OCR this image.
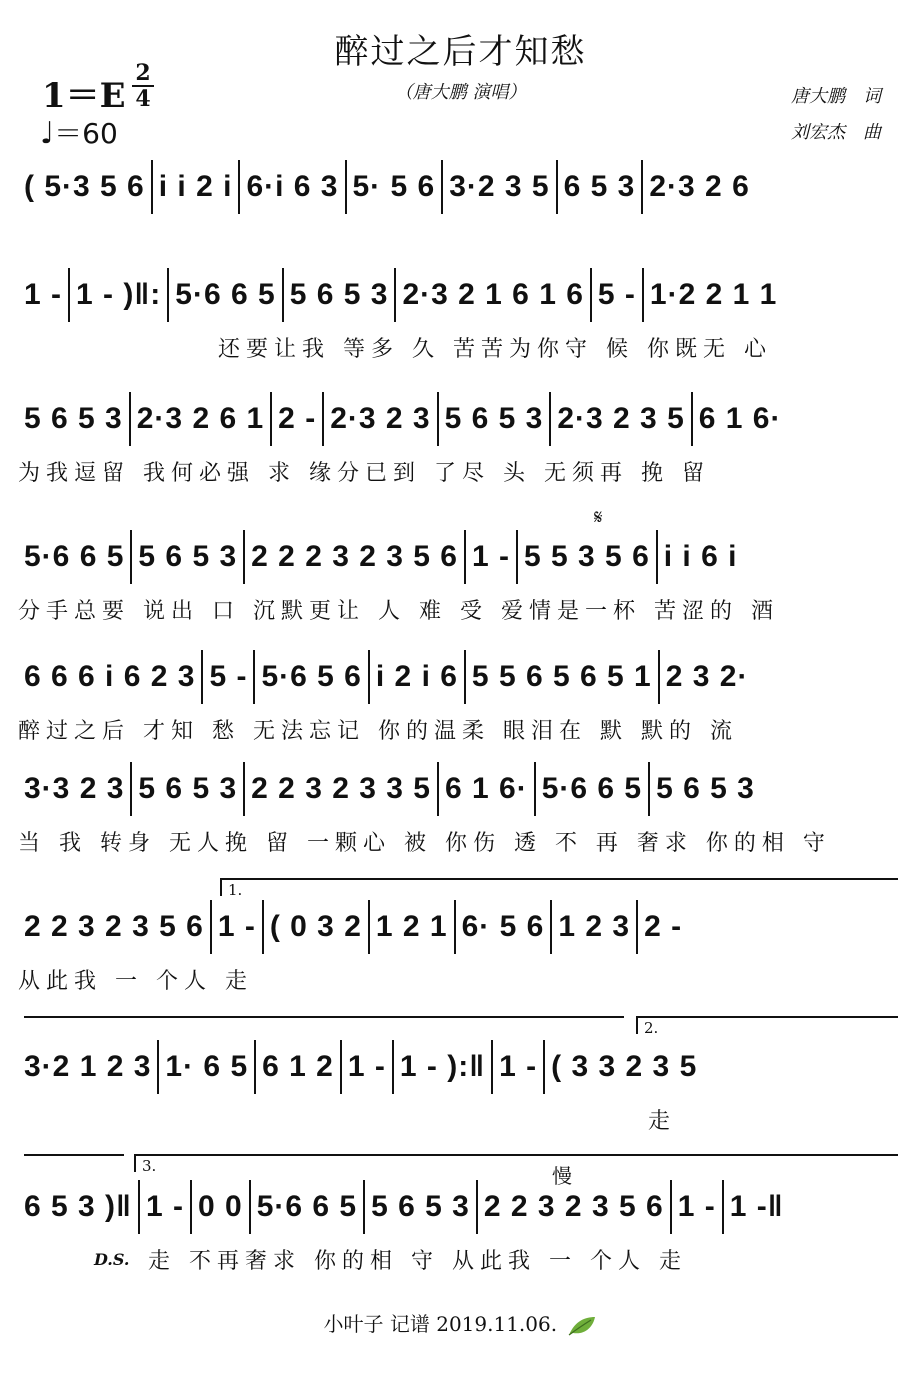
醉过之后才知愁
（唐大鹏 演唱）
1＝E
2
4
♩＝60
唐大鹏　词
刘宏杰　曲
( 5·3 5 6 i i 2 i 6·i 6 3 5· 5 6 3·2 3 5 6 5 3 2·3 2 6
1 - 1 - )‖: 5·6 6 5 5 6 5 3 2·3 2 1 6 1 6 5 - 1·2 2 1 1
还要让我 等多 久 苦苦为你守 候 你既无 心
5 6 5 3 2·3 2 6 1 2 - 2·3 2 3 5 6 5 3 2·3 2 3 5 6 1 6·
为我逗留 我何必强 求 缘分已到 了尽 头 无须再 挽 留
𝄋
5·6 6 5 5 6 5 3 2 2 2 3 2 3 5 6 1 - 5 5 3 5 6 i i 6 i
分手总要 说出 口 沉默更让 人 难 受 爱情是一杯 苦涩的 酒
6 6 6 i 6 2 3 5 - 5·6 5 6 i 2 i 6 5 5 6 5 6 5 1 2 3 2·
醉过之后 才知 愁 无法忘记 你的温柔 眼泪在 默 默的 流
3·3 2 3 5 6 5 3 2 2 3 2 3 3 5 6 1 6· 5·6 6 5 5 6 5 3
当 我 转身 无人挽 留 一颗心 被 你伤 透 不 再 奢求 你的相 守
1.
2 2 3 2 3 5 6 1 - ( 0 3 2 1 2 1 6· 5 6 1 2 3 2 -
从此我 一 个人 走
2.
3·2 1 2 3 1· 6 5 6 1 2 1 - 1 - ):‖ 1 - ( 3 3 2 3 5
走
3.	慢
6 5 3 )‖ 1 - 0 0 5·6 6 5 5 6 5 3 2 2 3 2 3 5 6 1 - 1 -‖
走 不再奢求 你的相 守 从此我 一 个人 走
D.S.
小叶子 记谱 2019.11.06.
